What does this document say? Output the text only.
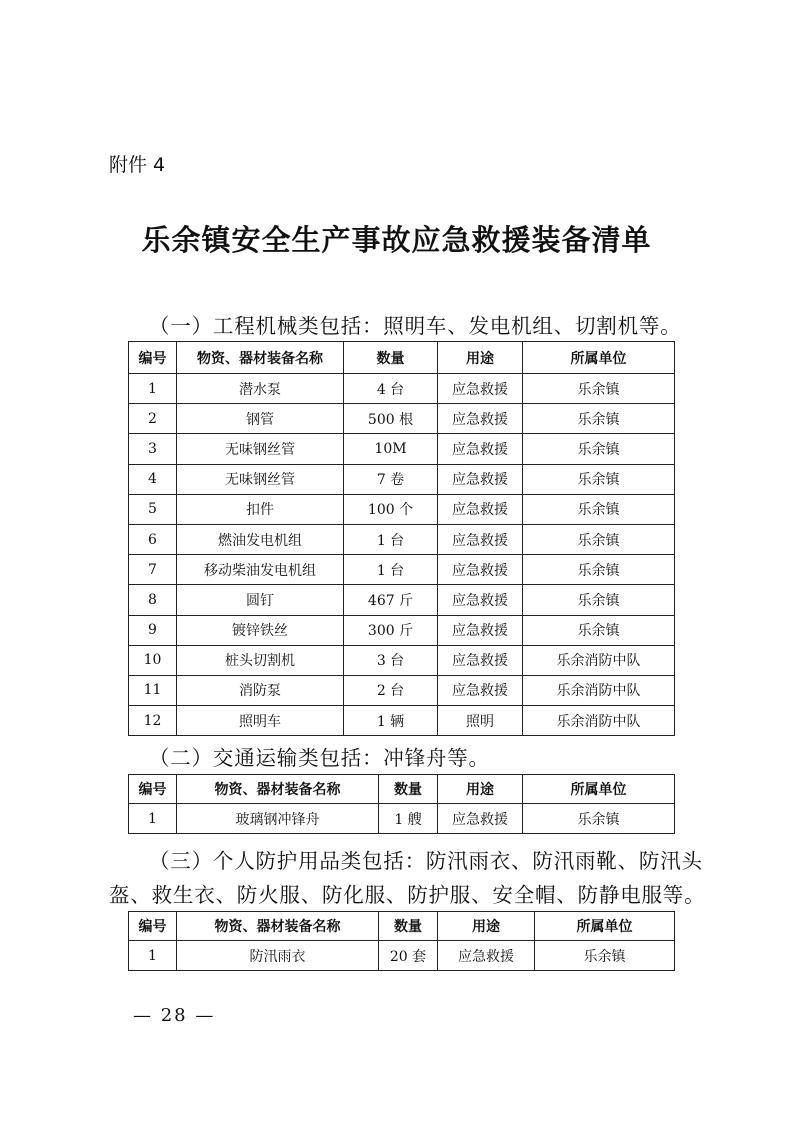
附件 4
乐余镇安全生产事故应急救援装备清单
（一）工程机械类包括：照明车、发电机组、切割机等。
编号	物资、器材装备名称	数量	用途	所属单位
1	潜水泵	4 台	应急救援	乐余镇
2	钢管	500 根	应急救援	乐余镇
3	无味钢丝管	10M	应急救援	乐余镇
4	无味钢丝管	7 卷	应急救援	乐余镇
5	扣件	100 个	应急救援	乐余镇
6	燃油发电机组	1 台	应急救援	乐余镇
7	移动柴油发电机组	1 台	应急救援	乐余镇
8	圆钉	467 斤	应急救援	乐余镇
9	镀锌铁丝	300 斤	应急救援	乐余镇
10	桩头切割机	3 台	应急救援	乐余消防中队
11	消防泵	2 台	应急救援	乐余消防中队
12	照明车	1 辆	照明	乐余消防中队
（二）交通运输类包括：冲锋舟等。
编号	物资、器材装备名称	数量	用途	所属单位
1	玻璃钢冲锋舟	1 艘	应急救援	乐余镇
（三）个人防护用品类包括：防汛雨衣、防汛雨靴、防汛头
盔、救生衣、防火服、防化服、防护服、安全帽、防静电服等。
编号	物资、器材装备名称	数量	用途	所属单位
1	防汛雨衣	20 套	应急救援	乐余镇
— 28 —
